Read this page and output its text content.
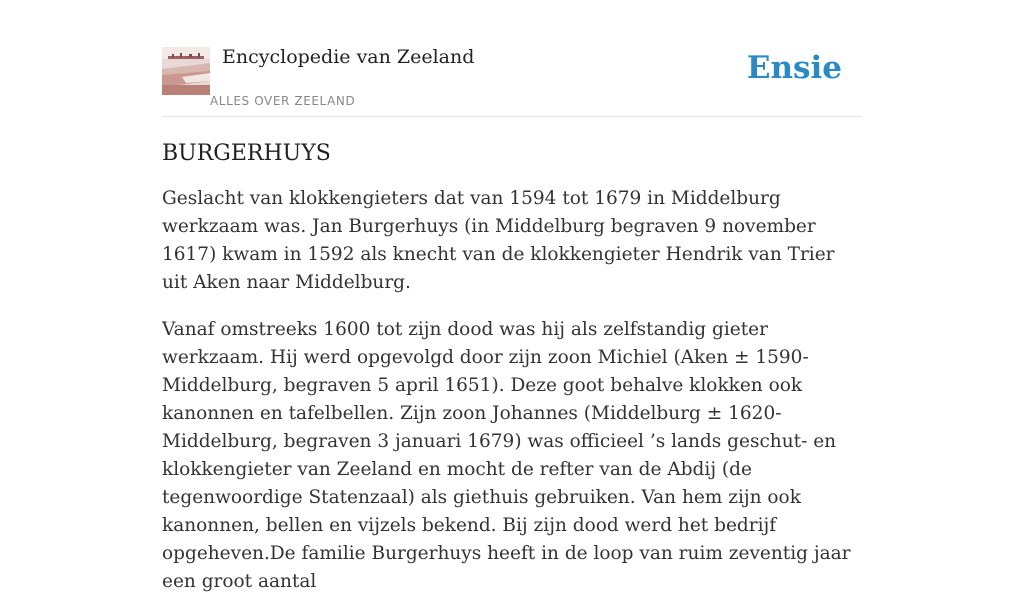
Encyclopedie van Zeeland
ALLES OVER ZEELAND
Ensie
BURGERHUYS

Geslacht van klokkengieters dat van 1594 tot 1679 in Middelburg werkzaam was. Jan Burgerhuys (in Middelburg begraven 9 november 1617) kwam in 1592 als knecht van de klokkengieter Hendrik van Trier uit Aken naar Middelburg.

Vanaf omstreeks 1600 tot zijn dood was hij als zelfstandig gieter werkzaam. Hij werd opgevolgd door zijn zoon Michiel (Aken ± 1590-Middelburg, begraven 5 april 1651). Deze goot behalve klokken ook kanonnen en tafelbellen. Zijn zoon Johannes (Middelburg ± 1620-Middelburg, begraven 3 januari 1679) was officieel ’s lands geschut- en klokkengieter van Zeeland en mocht de refter van de Abdij (de tegenwoordige Statenzaal) als giethuis gebruiken. Van hem zijn ook kanonnen, bellen en vijzels bekend. Bij zijn dood werd het bedrijf opgeheven.De familie Burgerhuys heeft in de loop van ruim zeventig jaar een groot aantal
